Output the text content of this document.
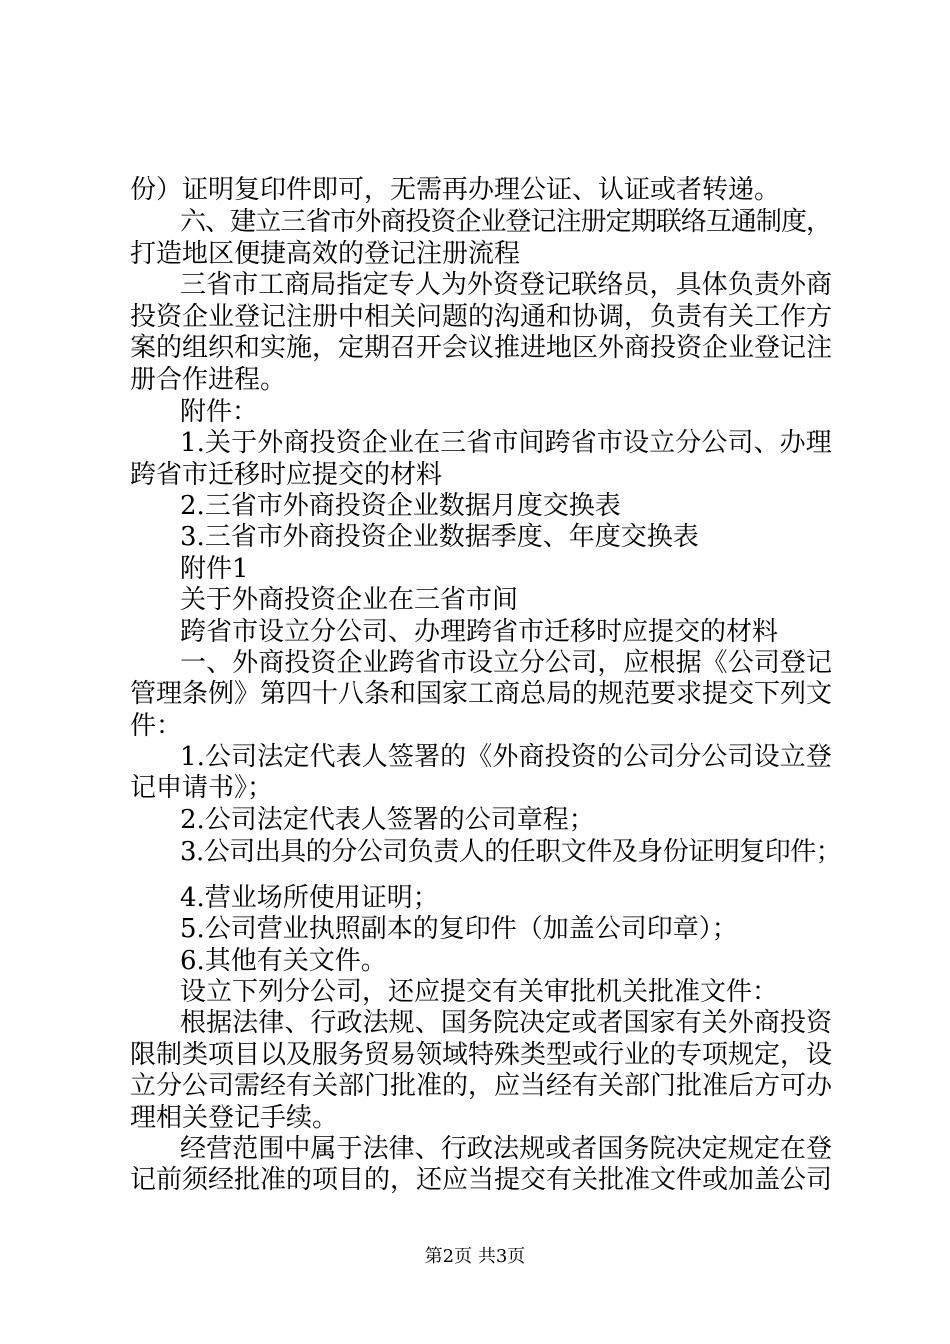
份）证明复印件即可，无需再办理公证、认证或者转递。
六、建立三省市外商投资企业登记注册定期联络互通制度，
打造地区便捷高效的登记注册流程
三省市工商局指定专人为外资登记联络员，具体负责外商
投资企业登记注册中相关问题的沟通和协调，负责有关工作方
案的组织和实施，定期召开会议推进地区外商投资企业登记注
册合作进程。
附件：
1.关于外商投资企业在三省市间跨省市设立分公司、办理
跨省市迁移时应提交的材料
2.三省市外商投资企业数据月度交换表
3.三省市外商投资企业数据季度、年度交换表
附件1
关于外商投资企业在三省市间
跨省市设立分公司、办理跨省市迁移时应提交的材料
一、外商投资企业跨省市设立分公司，应根据《公司登记
管理条例》第四十八条和国家工商总局的规范要求提交下列文
件：
1.公司法定代表人签署的《外商投资的公司分公司设立登
记申请书》；
2.公司法定代表人签署的公司章程；
3.公司出具的分公司负责人的任职文件及身份证明复印件；
4.营业场所使用证明；
5.公司营业执照副本的复印件（加盖公司印章）；
6.其他有关文件。
设立下列分公司，还应提交有关审批机关批准文件：
根据法律、行政法规、国务院决定或者国家有关外商投资
限制类项目以及服务贸易领域特殊类型或行业的专项规定，设
立分公司需经有关部门批准的，应当经有关部门批准后方可办
理相关登记手续。
经营范围中属于法律、行政法规或者国务院决定规定在登
记前须经批准的项目的，还应当提交有关批准文件或加盖公司
第2页 共3页
